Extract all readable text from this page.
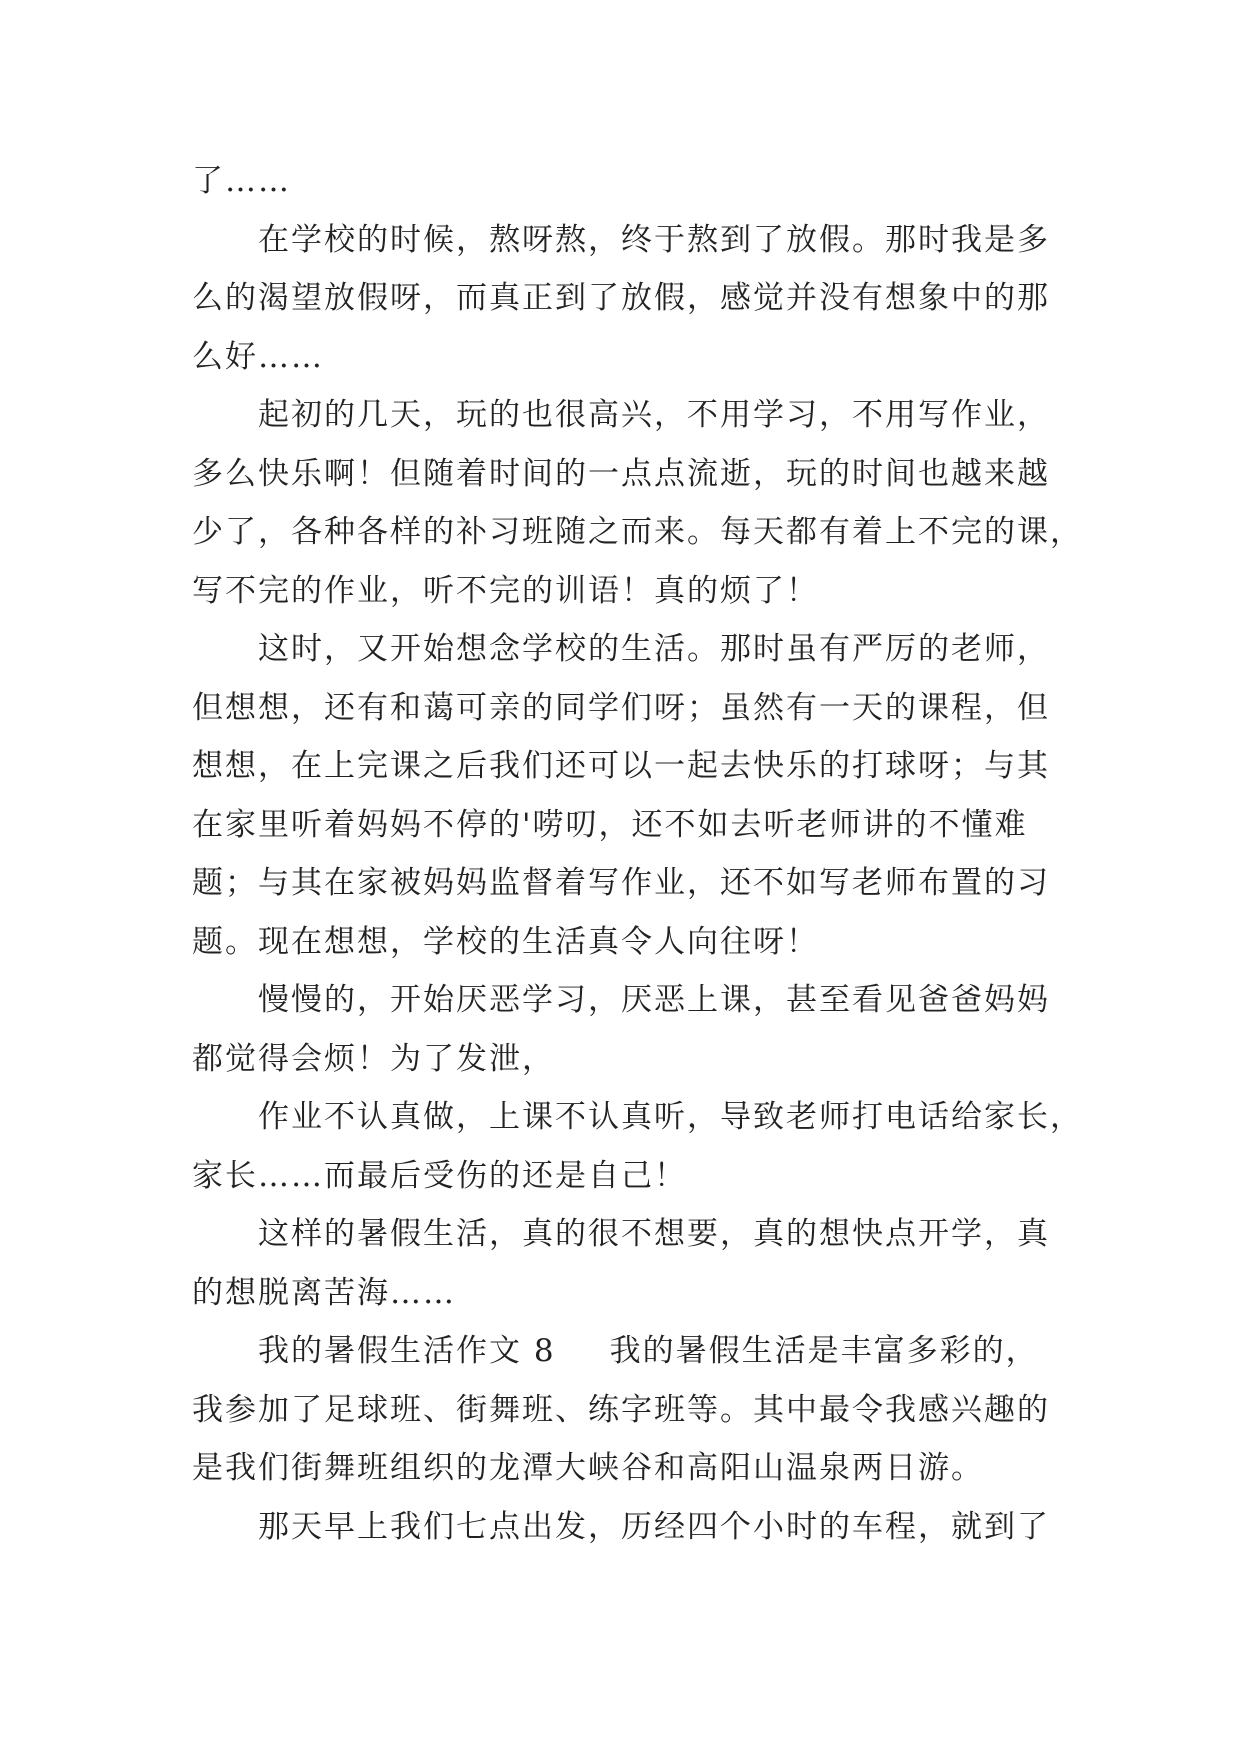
了……
在学校的时候，熬呀熬，终于熬到了放假。那时我是多
么的渴望放假呀，而真正到了放假，感觉并没有想象中的那
么好……
起初的几天，玩的也很高兴，不用学习，不用写作业，
多么快乐啊！但随着时间的一点点流逝，玩的时间也越来越
少了，各种各样的补习班随之而来。每天都有着上不完的课，
写不完的作业，听不完的训语！真的烦了！
这时，又开始想念学校的生活。那时虽有严厉的老师，
但想想，还有和蔼可亲的同学们呀；虽然有一天的课程，但
想想，在上完课之后我们还可以一起去快乐的打球呀；与其
在家里听着妈妈不停的'唠叨，还不如去听老师讲的不懂难
题；与其在家被妈妈监督着写作业，还不如写老师布置的习
题。现在想想，学校的生活真令人向往呀！
慢慢的，开始厌恶学习，厌恶上课，甚至看见爸爸妈妈
都觉得会烦！为了发泄，
作业不认真做，上课不认真听，导致老师打电话给家长，
家长……而最后受伤的还是自己！
这样的暑假生活，真的很不想要，真的想快点开学，真
的想脱离苦海……
我的暑假生活作文 8 我的暑假生活是丰富多彩的，
我参加了足球班、街舞班、练字班等。其中最令我感兴趣的
是我们街舞班组织的龙潭大峡谷和高阳山温泉两日游。
那天早上我们七点出发，历经四个小时的车程，就到了
